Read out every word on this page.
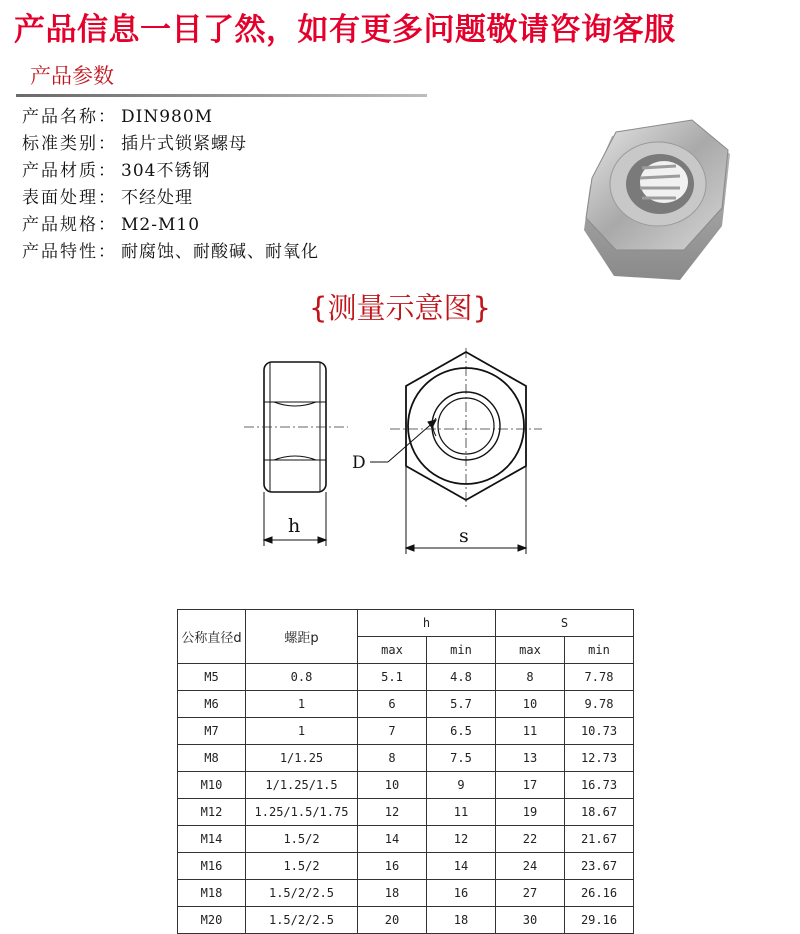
产品信息一目了然，如有更多问题敬请咨询客服
产品参数
产品名称 ： DIN980M
标准类别 ： 插片式锁紧螺母
产品材质 ： 304不锈钢
表面处理 ： 不经处理
产品规格 ： M2-M10
产品特性 ： 耐腐蚀、耐酸碱、耐氧化
{测量示意图}
h	s
D
公称直径d	螺距p	h		S	
		max	min	max	min
M5	0.8	5.1	4.8	8	7.78
M6	1	6	5.7	10	9.78
M7	1	7	6.5	11	10.73
M8	1/1.25	8	7.5	13	12.73
M10	1/1.25/1.5	10	9	17	16.73
M12	1.25/1.5/1.75	12	11	19	18.67
M14	1.5/2	14	12	22	21.67
M16	1.5/2	16	14	24	23.67
M18	1.5/2/2.5	18	16	27	26.16
M20	1.5/2/2.5	20	18	30	29.16
